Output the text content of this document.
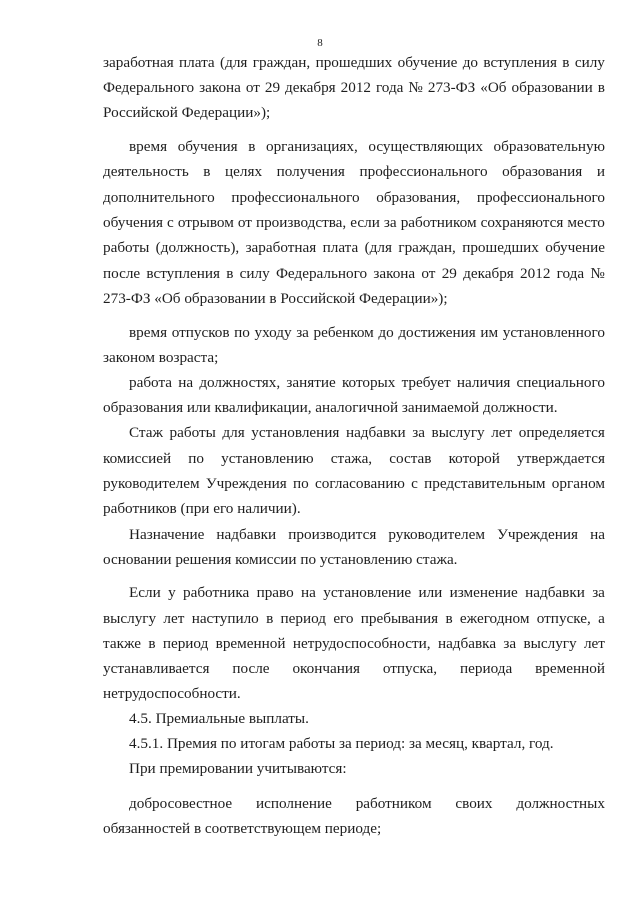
8
заработная плата (для граждан, прошедших обучение до вступления в силу
Федерального закона от 29 декабря 2012 года № 273-ФЗ «Об образовании в
Российской Федерации»);
время обучения в организациях, осуществляющих образовательную
деятельность в целях получения профессионального образования и
дополнительного профессионального образования, профессионального
обучения с отрывом от производства, если за работником сохраняются место
работы (должность), заработная плата (для граждан, прошедших обучение
после вступления в силу Федерального закона от 29 декабря 2012 года №
273-ФЗ «Об образовании в Российской Федерации»);
время отпусков по уходу за ребенком до достижения им установленного
законом возраста;
работа на должностях, занятие которых требует наличия специального
образования или квалификации, аналогичной занимаемой должности.
Стаж работы для установления надбавки за выслугу лет определяется
комиссией по установлению стажа, состав которой утверждается
руководителем Учреждения по согласованию с представительным органом
работников (при его наличии).
Назначение надбавки производится руководителем Учреждения на
основании решения комиссии по установлению стажа.
Если у работника право на установление или изменение надбавки за
выслугу лет наступило в период его пребывания в ежегодном отпуске, а
также в период временной нетрудоспособности, надбавка за выслугу лет
устанавливается после окончания отпуска, периода временной
нетрудоспособности.
4.5. Премиальные выплаты.
4.5.1. Премия по итогам работы за период: за месяц, квартал, год.
При премировании учитываются:
добросовестное исполнение работником своих должностных
обязанностей в соответствующем периоде;
